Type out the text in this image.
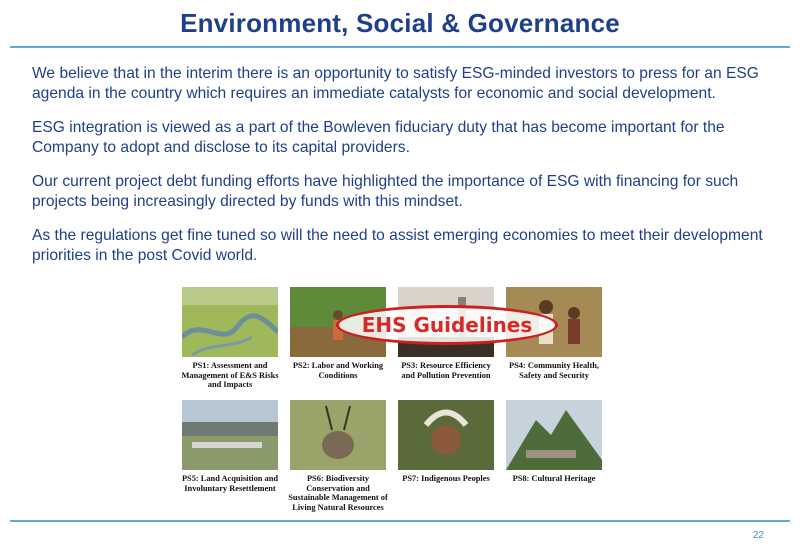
Environment, Social & Governance

We believe that in the interim there is an opportunity to satisfy ESG-minded investors to press for an ESG agenda in the country which requires an immediate catalysts for economic and social development.

ESG integration is viewed as a part of the Bowleven fiduciary duty that has become important for the Company to adopt and disclose to its capital providers.

Our current project debt funding efforts have highlighted the importance of ESG with financing for such projects being increasingly directed by funds with this mindset.

As the regulations get fine tuned so will the need to assist emerging economies to meet their development priorities in the post Covid world.

PS1: Assessment and Management of E&S Risks and Impacts
PS2: Labor and Working Conditions
PS3: Resource Efficiency and Pollution Prevention
PS4: Community Health, Safety and Security
PS5: Land Acquisition and Involuntary Resettlement
PS6: Biodiversity Conservation and Sustainable Management of Living Natural Resources
PS7: Indigenous Peoples	PS8: Cultural Heritage
EHS Guidelines
22
